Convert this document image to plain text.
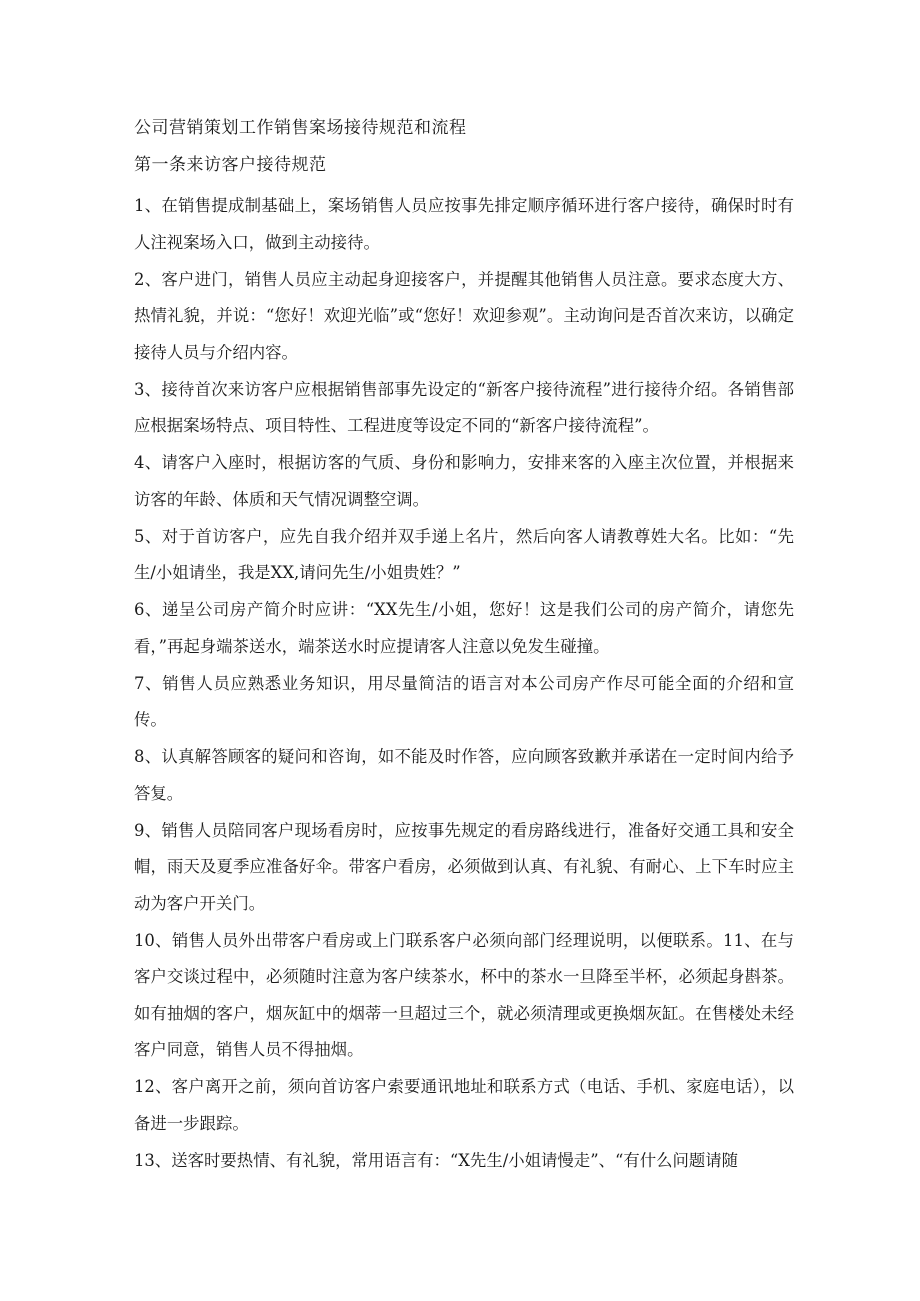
公司营销策划工作销售案场接待规范和流程

第一条来访客户接待规范

1、在销售提成制基础上，案场销售人员应按事先排定顺序循环进行客户接待，确保时时有人注视案场入口，做到主动接待。

2、客户进门，销售人员应主动起身迎接客户，并提醒其他销售人员注意。要求态度大方、热情礼貌，并说：“您好！欢迎光临”或“您好！欢迎参观”。主动询问是否首次来访，以确定接待人员与介绍内容。

3、接待首次来访客户应根据销售部事先设定的“新客户接待流程”进行接待介绍。各销售部应根据案场特点、项目特性、工程进度等设定不同的“新客户接待流程”。

4、请客户入座时，根据访客的气质、身份和影响力，安排来客的入座主次位置，并根据来访客的年龄、体质和天气情况调整空调。

5、对于首访客户，应先自我介绍并双手递上名片，然后向客人请教尊姓大名。比如：“先生/小姐请坐，我是XX,请问先生/小姐贵姓？”

6、递呈公司房产简介时应讲：“XX先生/小姐，您好！这是我们公司的房产简介，请您先看，”再起身端茶送水，端茶送水时应提请客人注意以免发生碰撞。

7、销售人员应熟悉业务知识，用尽量简洁的语言对本公司房产作尽可能全面的介绍和宣传。

8、认真解答顾客的疑问和咨询，如不能及时作答，应向顾客致歉并承诺在一定时间内给予答复。

9、销售人员陪同客户现场看房时，应按事先规定的看房路线进行，准备好交通工具和安全帽，雨天及夏季应准备好伞。带客户看房，必须做到认真、有礼貌、有耐心、上下车时应主动为客户开关门。

10、销售人员外出带客户看房或上门联系客户必须向部门经理说明，以便联系。11、在与客户交谈过程中，必须随时注意为客户续茶水，杯中的茶水一旦降至半杯，必须起身斟茶。如有抽烟的客户，烟灰缸中的烟蒂一旦超过三个，就必须清理或更换烟灰缸。在售楼处未经客户同意，销售人员不得抽烟。

12、客户离开之前，须向首访客户索要通讯地址和联系方式（电话、手机、家庭电话），以备进一步跟踪。

13、送客时要热情、有礼貌，常用语言有：“X先生/小姐请慢走”、“有什么问题请随
